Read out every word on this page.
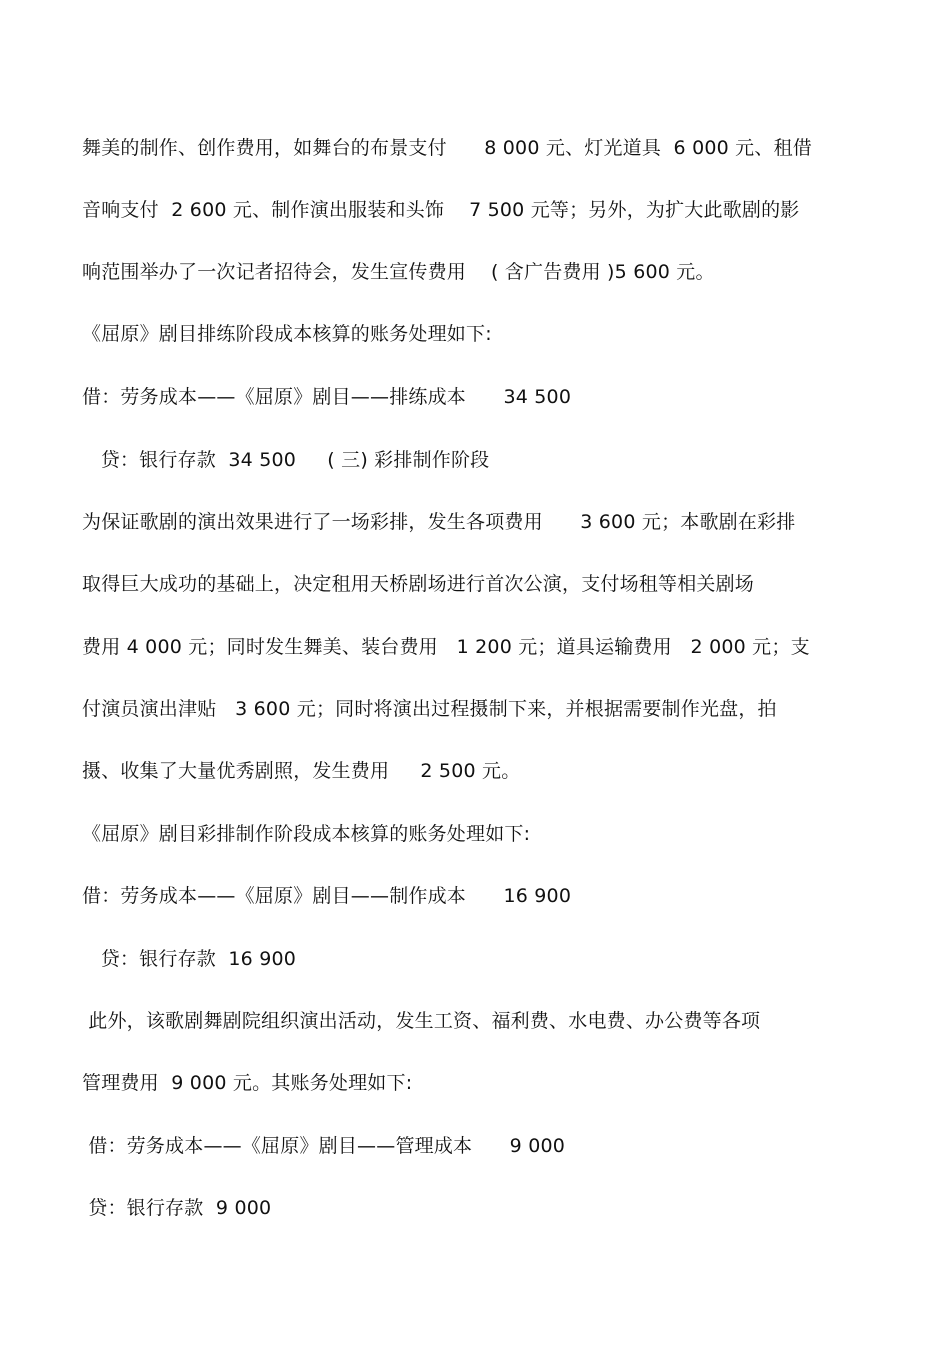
舞美的制作、创作费用，如舞台的布景支付      8 000 元、灯光道具  6 000 元、租借
音响支付  2 600 元、制作演出服装和头饰    7 500 元等；另外，为扩大此歌剧的影
响范围举办了一次记者招待会，发生宣传费用    ( 含广告费用 )5 600 元。
《屈原》剧目排练阶段成本核算的账务处理如下:
借：劳务成本——《屈原》剧目——排练成本      34 500
贷：银行存款  34 500     ( 三) 彩排制作阶段
为保证歌剧的演出效果进行了一场彩排，发生各项费用      3 600 元；本歌剧在彩排
取得巨大成功的基础上，决定租用天桥剧场进行首次公演，支付场租等相关剧场
费用 4 000 元；同时发生舞美、装台费用   1 200 元；道具运输费用   2 000 元；支
付演员演出津贴   3 600 元；同时将演出过程摄制下来，并根据需要制作光盘，拍
摄、收集了大量优秀剧照，发生费用     2 500 元。
《屈原》剧目彩排制作阶段成本核算的账务处理如下:
借：劳务成本——《屈原》剧目——制作成本      16 900
贷：银行存款  16 900
此外，该歌剧舞剧院组织演出活动，发生工资、福利费、水电费、办公费等各项
管理费用  9 000 元。其账务处理如下:
借：劳务成本——《屈原》剧目——管理成本      9 000
贷：银行存款  9 000
